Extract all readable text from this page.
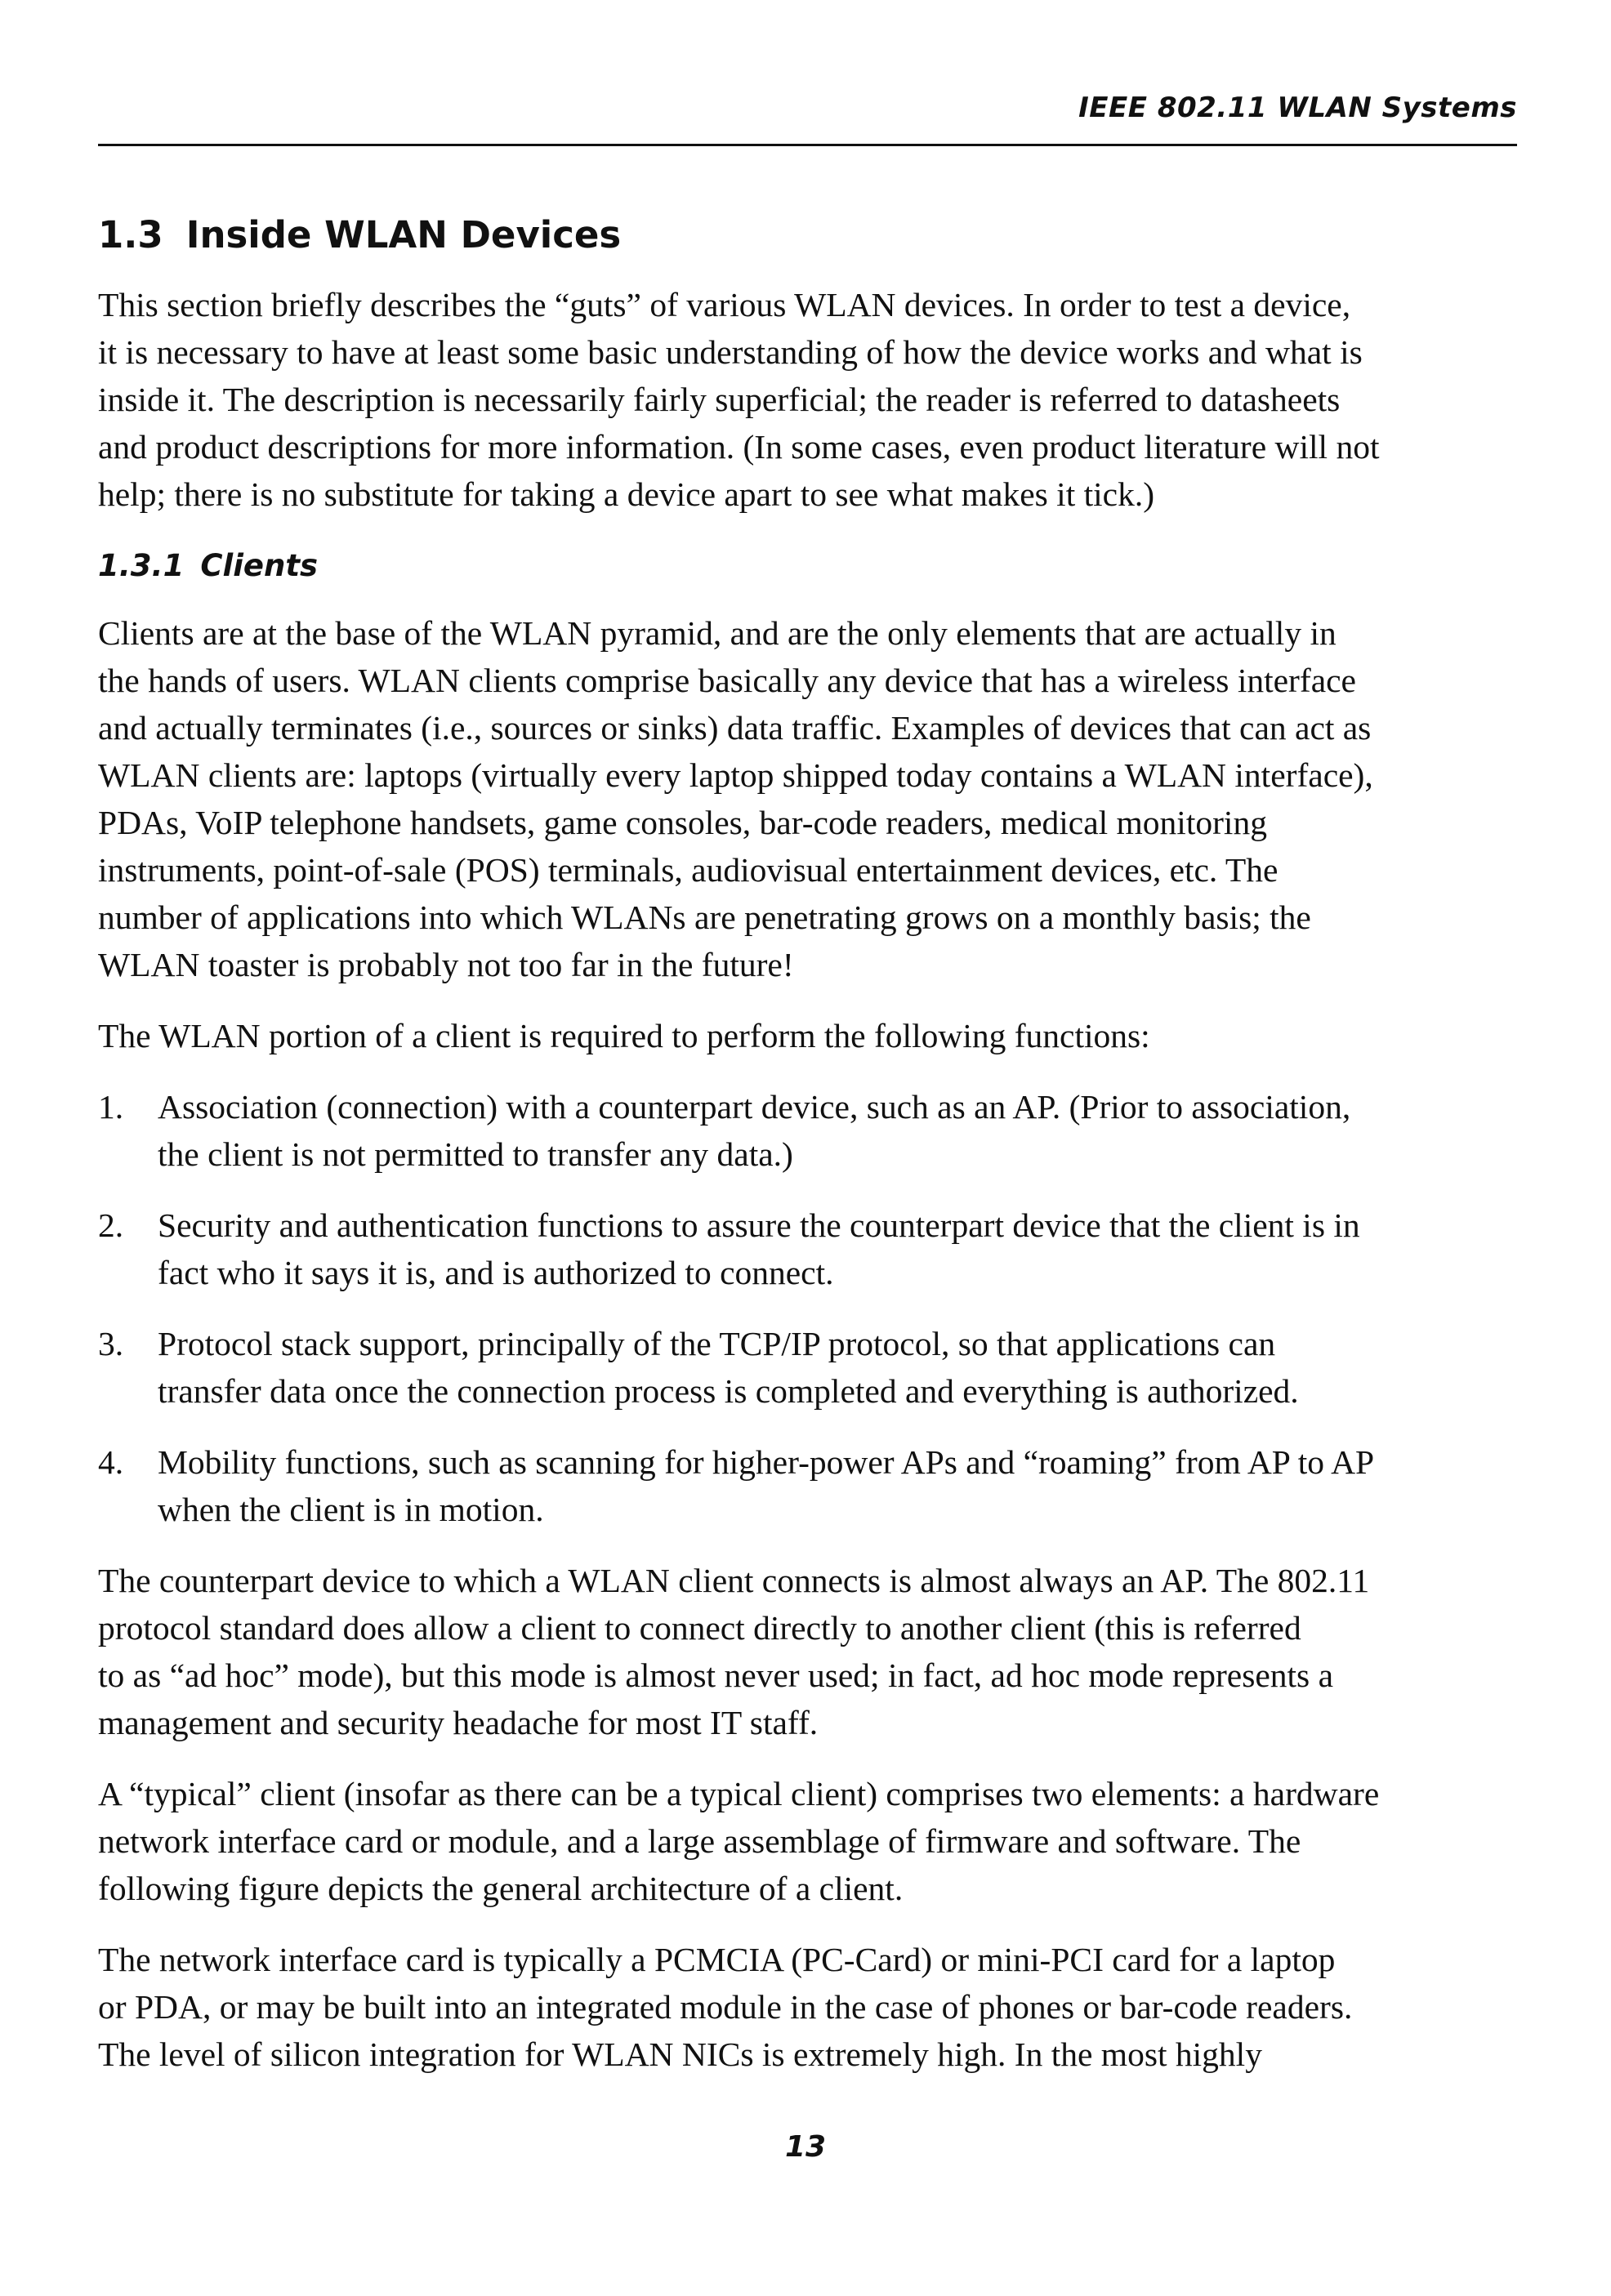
IEEE 802.11 WLAN Systems
1.3 Inside WLAN Devices

This section briefly describes the “guts” of various WLAN devices. In order to test a device,
it is necessary to have at least some basic understanding of how the device works and what is
inside it. The description is necessarily fairly superficial; the reader is referred to datasheets
and product descriptions for more information. (In some cases, even product literature will not
help; there is no substitute for taking a device apart to see what makes it tick.)

1.3.1 Clients

Clients are at the base of the WLAN pyramid, and are the only elements that are actually in
the hands of users. WLAN clients comprise basically any device that has a wireless interface
and actually terminates (i.e., sources or sinks) data traffic. Examples of devices that can act as
WLAN clients are: laptops (virtually every laptop shipped today contains a WLAN interface),
PDAs, VoIP telephone handsets, game consoles, bar-code readers, medical monitoring
instruments, point-of-sale (POS) terminals, audiovisual entertainment devices, etc. The
number of applications into which WLANs are penetrating grows on a monthly basis; the
WLAN toaster is probably not too far in the future!

The WLAN portion of a client is required to perform the following functions:

1. Association (connection) with a counterpart device, such as an AP. (Prior to association,
the client is not permitted to transfer any data.)
2. Security and authentication functions to assure the counterpart device that the client is in
fact who it says it is, and is authorized to connect.
3. Protocol stack support, principally of the TCP/IP protocol, so that applications can
transfer data once the connection process is completed and everything is authorized.
4. Mobility functions, such as scanning for higher-power APs and “roaming” from AP to AP
when the client is in motion.

The counterpart device to which a WLAN client connects is almost always an AP. The 802.11
protocol standard does allow a client to connect directly to another client (this is referred
to as “ad hoc” mode), but this mode is almost never used; in fact, ad hoc mode represents a
management and security headache for most IT staff.

A “typical” client (insofar as there can be a typical client) comprises two elements: a hardware
network interface card or module, and a large assemblage of firmware and software. The
following figure depicts the general architecture of a client.

The network interface card is typically a PCMCIA (PC-Card) or mini-PCI card for a laptop
or PDA, or may be built into an integrated module in the case of phones or bar-code readers.
The level of silicon integration for WLAN NICs is extremely high. In the most highly

13
